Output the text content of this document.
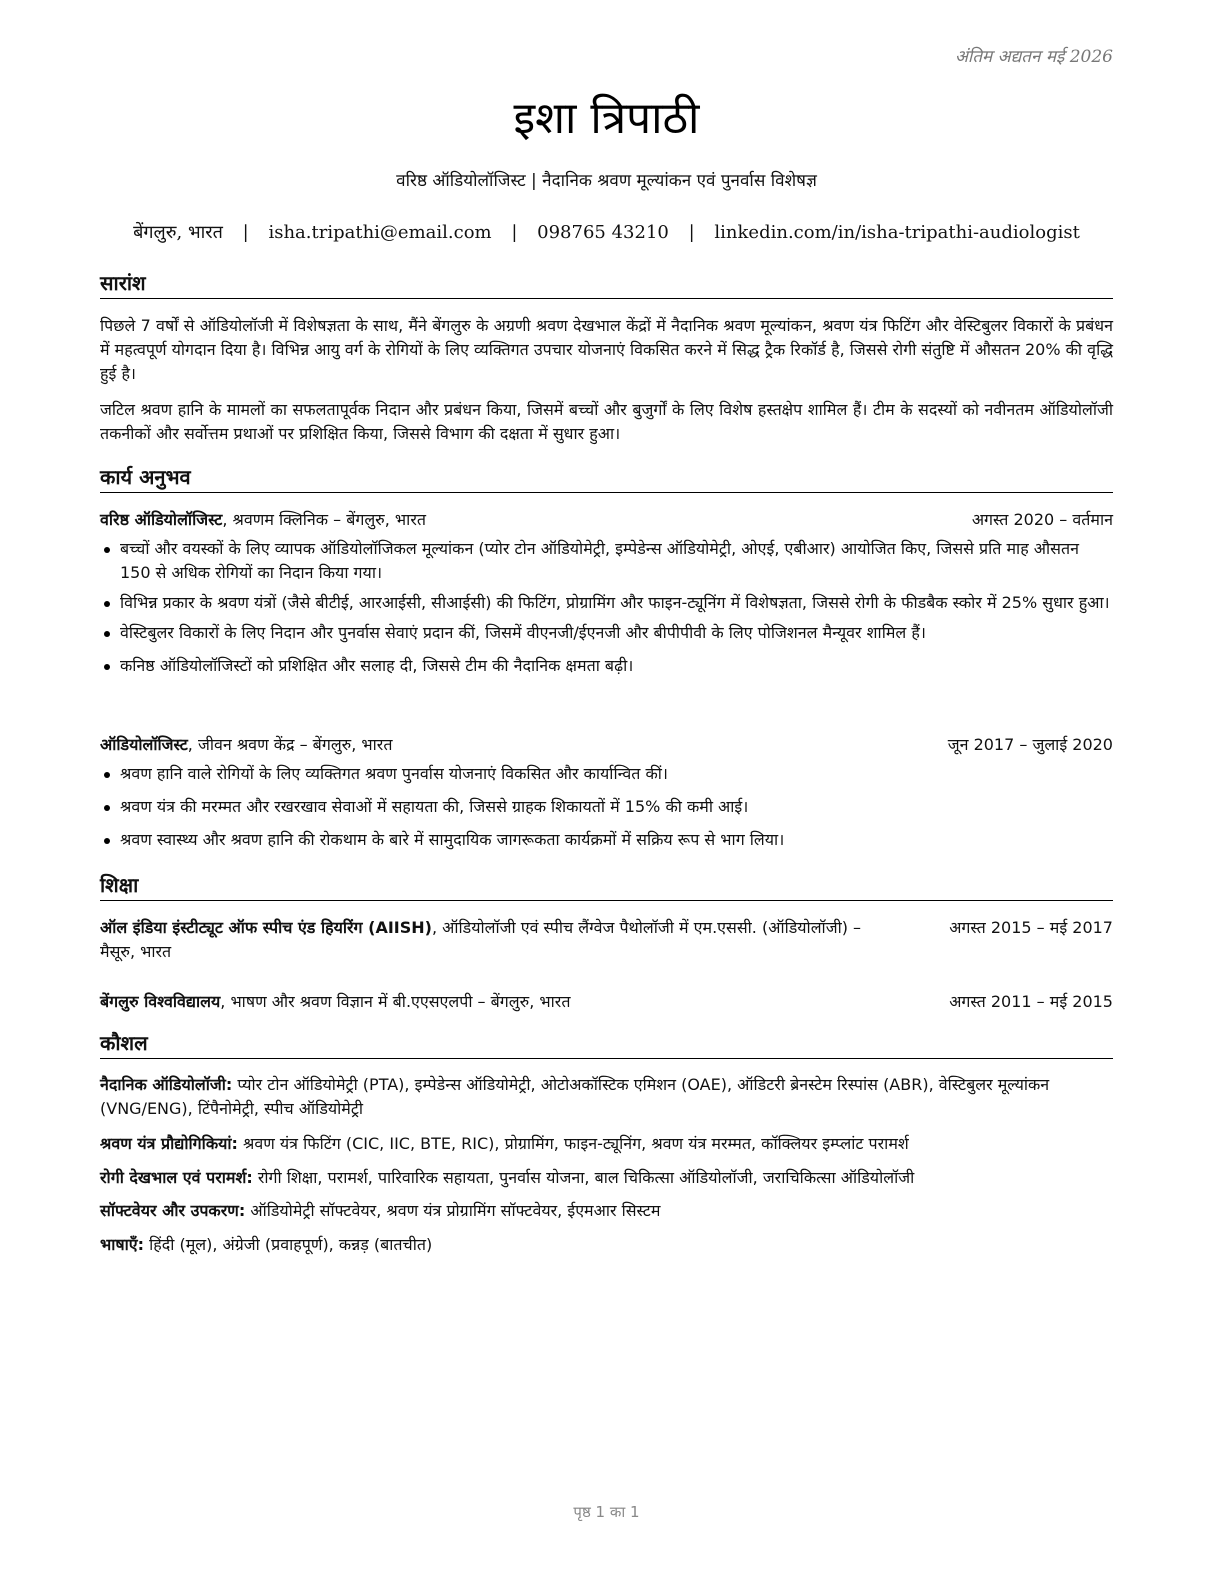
अंतिम अद्यतन मई 2026
इशा त्रिपाठी
वरिष्ठ ऑडियोलॉजिस्ट | नैदानिक श्रवण मूल्यांकन एवं पुनर्वास विशेषज्ञ
बेंगलुरु, भारत | isha.tripathi@email.com | 098765 43210 | linkedin.com/in/isha-tripathi-audiologist
सारांश
पिछले 7 वर्षों से ऑडियोलॉजी में विशेषज्ञता के साथ, मैंने बेंगलुरु के अग्रणी श्रवण देखभाल केंद्रों में नैदानिक श्रवण मूल्यांकन, श्रवण यंत्र फिटिंग और वेस्टिबुलर विकारों के प्रबंधन में महत्वपूर्ण योगदान दिया है। विभिन्न आयु वर्ग के रोगियों के लिए व्यक्तिगत उपचार योजनाएं विकसित करने में सिद्ध ट्रैक रिकॉर्ड है, जिससे रोगी संतुष्टि में औसतन 20% की वृद्धि हुई है।
जटिल श्रवण हानि के मामलों का सफलतापूर्वक निदान और प्रबंधन किया, जिसमें बच्चों और बुजुर्गों के लिए विशेष हस्तक्षेप शामिल हैं। टीम के सदस्यों को नवीनतम ऑडियोलॉजी तकनीकों और सर्वोत्तम प्रथाओं पर प्रशिक्षित किया, जिससे विभाग की दक्षता में सुधार हुआ।
कार्य अनुभव
वरिष्ठ ऑडियोलॉजिस्ट, श्रवणम क्लिनिक – बेंगलुरु, भारत	अगस्त 2020 – वर्तमान
बच्चों और वयस्कों के लिए व्यापक ऑडियोलॉजिकल मूल्यांकन (प्योर टोन ऑडियोमेट्री, इम्पेडेन्स ऑडियोमेट्री, ओएई, एबीआर) आयोजित किए, जिससे प्रति माह औसतन 150 से अधिक रोगियों का निदान किया गया।
विभिन्न प्रकार के श्रवण यंत्रों (जैसे बीटीई, आरआईसी, सीआईसी) की फिटिंग, प्रोग्रामिंग और फाइन-ट्यूनिंग में विशेषज्ञता, जिससे रोगी के फीडबैक स्कोर में 25% सुधार हुआ।
वेस्टिबुलर विकारों के लिए निदान और पुनर्वास सेवाएं प्रदान कीं, जिसमें वीएनजी/ईएनजी और बीपीपीवी के लिए पोजिशनल मैन्यूवर शामिल हैं।
कनिष्ठ ऑडियोलॉजिस्टों को प्रशिक्षित और सलाह दी, जिससे टीम की नैदानिक क्षमता बढ़ी।
ऑडियोलॉजिस्ट, जीवन श्रवण केंद्र – बेंगलुरु, भारत	जून 2017 – जुलाई 2020
श्रवण हानि वाले रोगियों के लिए व्यक्तिगत श्रवण पुनर्वास योजनाएं विकसित और कार्यान्वित कीं।
श्रवण यंत्र की मरम्मत और रखरखाव सेवाओं में सहायता की, जिससे ग्राहक शिकायतों में 15% की कमी आई।
श्रवण स्वास्थ्य और श्रवण हानि की रोकथाम के बारे में सामुदायिक जागरूकता कार्यक्रमों में सक्रिय रूप से भाग लिया।
शिक्षा
ऑल इंडिया इंस्टीट्यूट ऑफ स्पीच एंड हियरिंग (AIISH), ऑडियोलॉजी एवं स्पीच लैंग्वेज पैथोलॉजी में एम.एससी. (ऑडियोलॉजी) – मैसूरु, भारत
अगस्त 2015 – मई 2017
बेंगलुरु विश्वविद्यालय, भाषण और श्रवण विज्ञान में बी.एएसएलपी – बेंगलुरु, भारत	अगस्त 2011 – मई 2015
कौशल
नैदानिक ऑडियोलॉजी: प्योर टोन ऑडियोमेट्री (PTA), इम्पेडेन्स ऑडियोमेट्री, ओटोअकॉस्टिक एमिशन (OAE), ऑडिटरी ब्रेनस्टेम रिस्पांस (ABR), वेस्टिबुलर मूल्यांकन (VNG/ENG), टिंपैनोमेट्री, स्पीच ऑडियोमेट्री
श्रवण यंत्र प्रौद्योगिकियां: श्रवण यंत्र फिटिंग (CIC, IIC, BTE, RIC), प्रोग्रामिंग, फाइन-ट्यूनिंग, श्रवण यंत्र मरम्मत, कॉक्लियर इम्प्लांट परामर्श
रोगी देखभाल एवं परामर्श: रोगी शिक्षा, परामर्श, पारिवारिक सहायता, पुनर्वास योजना, बाल चिकित्सा ऑडियोलॉजी, जराचिकित्सा ऑडियोलॉजी
सॉफ्टवेयर और उपकरण: ऑडियोमेट्री सॉफ्टवेयर, श्रवण यंत्र प्रोग्रामिंग सॉफ्टवेयर, ईएमआर सिस्टम
भाषाएँ: हिंदी (मूल), अंग्रेजी (प्रवाहपूर्ण), कन्नड़ (बातचीत)
पृष्ठ 1 का 1
